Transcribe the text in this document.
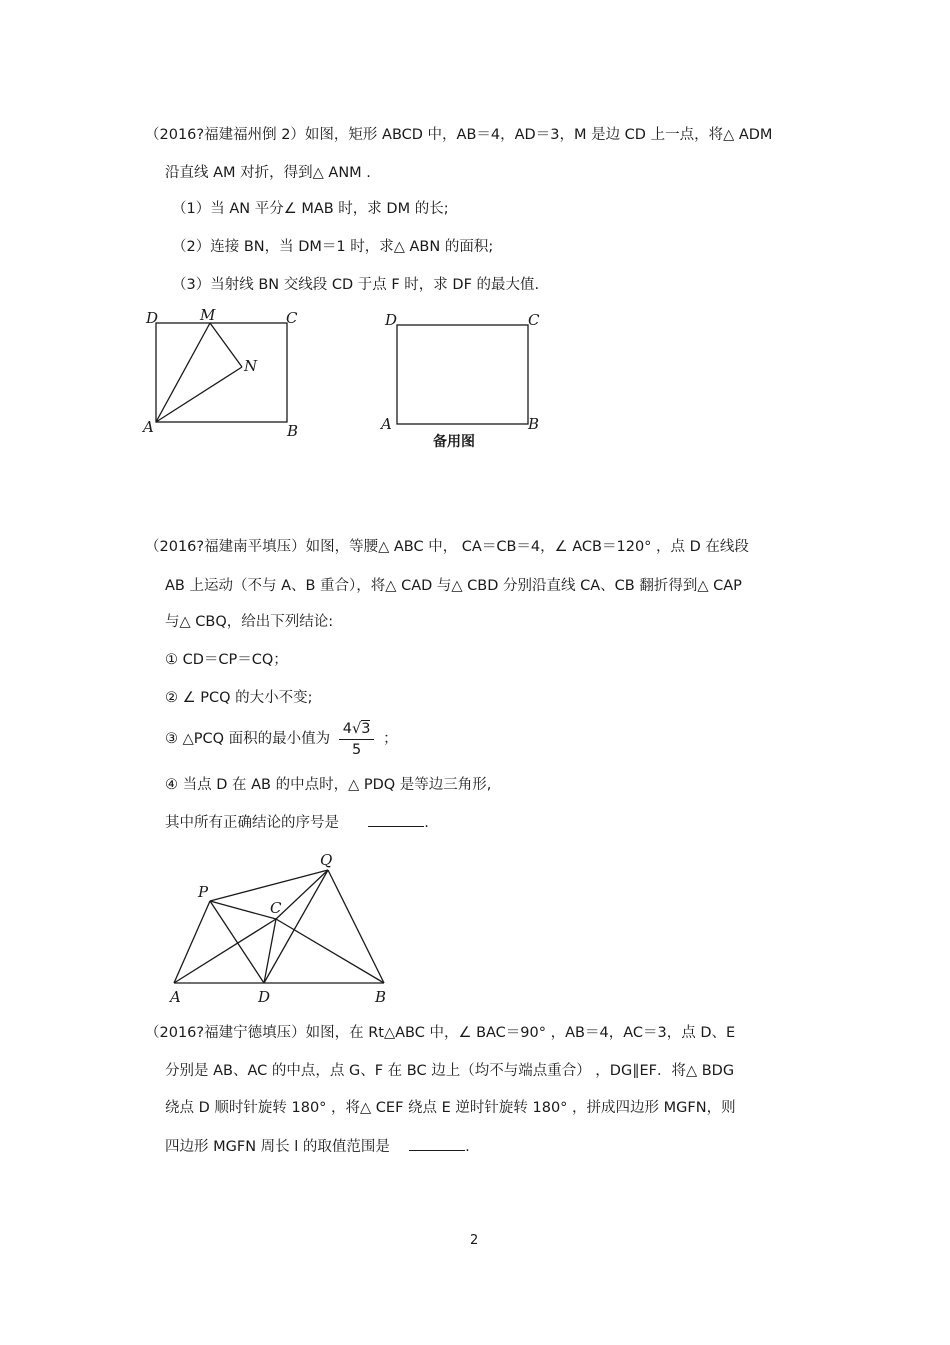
（2016?福建福州倒 2）如图，矩形 ABCD 中，AB＝4，AD＝3，M 是边 CD 上一点，将△ ADM
沿直线 AM 对折，得到△ ANM .
（1）当 AN 平分∠ MAB 时，求 DM 的长;
（2）连接 BN，当 DM＝1 时，求△ ABN 的面积;
（3）当射线 BN 交线段 CD 于点 F 时，求 DF 的最大值.
D	M	C
N
A	B
D	C
A	B
备用图
（2016?福建南平填压）如图，等腰△ ABC 中， CA＝CB＝4，∠ ACB＝120° ，点 D 在线段
AB 上运动（不与 A、B 重合），将△ CAD 与△ CBD 分别沿直线 CA、CB 翻折得到△ CAP
与△ CBQ，给出下列结论:
① CD＝CP＝CQ；
② ∠ PCQ 的大小不变;
③ △PCQ 面积的最小值为 $\frac{4√3}{5}$ ；
④ 当点 D 在 AB 的中点时，△ PDQ 是等边三角形,
其中所有正确结论的序号是	.
Q
P
C
A	D	B
（2016?福建宁德填压）如图，在 Rt△ABC 中，∠ BAC＝90° ，AB＝4，AC＝3，点 D、E
分别是 AB、AC 的中点，点 G、F 在 BC 边上（均不与端点重合） ，DG∥EF．将△ BDG
绕点 D 顺时针旋转 180° ，将△ CEF 绕点 E 逆时针旋转 180° ，拼成四边形 MGFN，则
四边形 MGFN 周长 l 的取值范围是	.
2
